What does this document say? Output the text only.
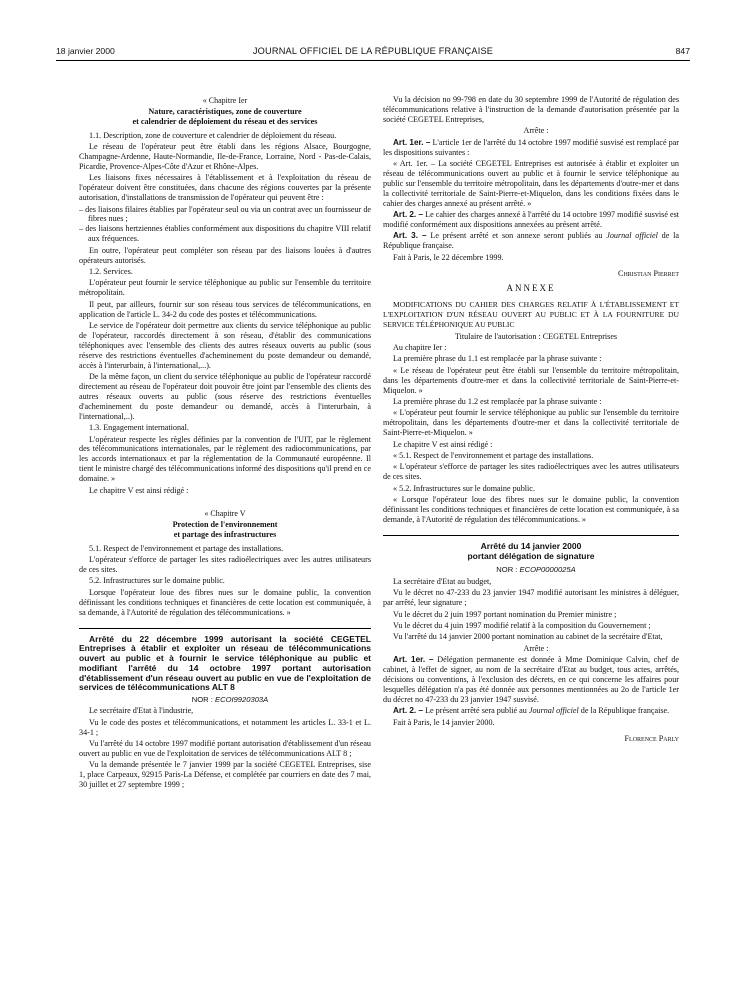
18 janvier 2000	JOURNAL OFFICIEL DE LA RÉPUBLIQUE FRANÇAISE	847
« Chapitre Ier
Nature, caractéristiques, zone de couverture
et calendrier de déploiement du réseau et des services

1.1. Description, zone de couverture et calendrier de déploiement du réseau.

Le réseau de l'opérateur peut être établi dans les régions Alsace, Bourgogne, Champagne-Ardenne, Haute-Normandie, Ile-de-France, Lorraine, Nord - Pas-de-Calais, Picardie, Provence-Alpes-Côte d'Azur et Rhône-Alpes.

Les liaisons fixes nécessaires à l'établissement et à l'exploitation du réseau de l'opérateur doivent être constituées, dans chacune des régions couvertes par la présente autorisation, d'installations de transmission de l'opérateur qui peuvent être :

– des liaisons filaires établies par l'opérateur seul ou via un contrat avec un fournisseur de fibres nues ;
– des liaisons hertziennes établies conformément aux dispositions du chapitre VIII relatif aux fréquences.

En outre, l'opérateur peut compléter son réseau par des liaisons louées à d'autres opérateurs autorisés.

1.2. Services.

L'opérateur peut fournir le service téléphonique au public sur l'ensemble du territoire métropolitain.

Il peut, par ailleurs, fournir sur son réseau tous services de télécommunications, en application de l'article L. 34-2 du code des postes et télécommunications.

Le service de l'opérateur doit permettre aux clients du service téléphonique au public de l'opérateur, raccordés directement à son réseau, d'établir des communications téléphoniques avec l'ensemble des clients des autres réseaux ouverts au public (sous réserve des restrictions éventuelles d'acheminement du poste demandeur ou demandé, accès à l'interurbain, à l'international,...).

De la même façon, un client du service téléphonique au public de l'opérateur raccordé directement au réseau de l'opérateur doit pouvoir être joint par l'ensemble des clients des autres réseaux ouverts au public (sous réserve des restrictions éventuelles d'acheminement du poste demandeur ou demandé, accès à l'interurbain, à l'international,..).

1.3. Engagement international.

L'opérateur respecte les règles définies par la convention de l'UIT, par le règlement des télécommunications internationales, par le règlement des radiocommunications, par les accords internationaux et par la réglementation de la Communauté européenne. Il tient le ministre chargé des télécommunications informé des dispositions qu'il prend en ce domaine. »

Le chapitre V est ainsi rédigé :

« Chapitre V
Protection de l'environnement
et partage des infrastructures

5.1. Respect de l'environnement et partage des installations.

L'opérateur s'efforce de partager les sites radioélectriques avec les autres utilisateurs de ces sites.

5.2. Infrastructures sur le domaine public.

Lorsque l'opérateur loue des fibres nues sur le domaine public, la convention définissant les conditions techniques et financières de cette location est communiquée, à sa demande, à l'Autorité de régulation des télécommunications. »

Arrêté du 22 décembre 1999 autorisant la société CEGETEL Entreprises à établir et exploiter un réseau de télécommunications ouvert au public et à fournir le service téléphonique au public et modifiant l'arrêté du 14 octobre 1997 portant autorisation d'établissement d'un réseau ouvert au public en vue de l'exploitation de services de télécommunications ALT 8

NOR : ECOI9920303A

Le secrétaire d'Etat à l'industrie,

Vu le code des postes et télécommunications, et notamment les articles L. 33-1 et L. 34-1 ;

Vu l'arrêté du 14 octobre 1997 modifié portant autorisation d'établissement d'un réseau ouvert au public en vue de l'exploitation de services de télécommunications ALT 8 ;

Vu la demande présentée le 7 janvier 1999 par la société CEGETEL Entreprises, sise 1, place Carpeaux, 92915 Paris-La Défense, et complétée par courriers en date des 7 mai, 30 juillet et 27 septembre 1999 ;

Vu la décision no 99-798 en date du 30 septembre 1999 de l'Autorité de régulation des télécommunications relative à l'instruction de la demande d'autorisation présentée par la société CEGETEL Entreprises,

Arrête :

Art. 1er. – L'article 1er de l'arrêté du 14 octobre 1997 modifié susvisé est remplacé par les dispositions suivantes :

« Art. 1er. – La société CEGETEL Entreprises est autorisée à établir et exploiter un réseau de télécommunications ouvert au public et à fournir le service téléphonique au public sur l'ensemble du territoire métropolitain, dans les départements d'outre-mer et dans la collectivité territoriale de Saint-Pierre-et-Miquelon, dans les conditions fixées dans le cahier des charges annexé au présent arrêté. »

Art. 2. – Le cahier des charges annexé à l'arrêté du 14 octobre 1997 modifié susvisé est modifié conformément aux dispositions annexées au présent arrêté.

Art. 3. – Le présent arrêté et son annexe seront publiés au Journal officiel de la République française.

Fait à Paris, le 22 décembre 1999.

Christian Pierret
ANNEXE

MODIFICATIONS DU CAHIER DES CHARGES RELATIF À L'ÉTABLISSEMENT ET L'EXPLOITATION D'UN RÉSEAU OUVERT AU PUBLIC ET À LA FOURNITURE DU SERVICE TÉLÉPHONIQUE AU PUBLIC

Titulaire de l'autorisation : CEGETEL Entreprises

Au chapitre Ier :

La première phrase du 1.1 est remplacée par la phrase suivante :

« Le réseau de l'opérateur peut être établi sur l'ensemble du territoire métropolitain, dans les départements d'outre-mer et dans la collectivité territoriale de Saint-Pierre-et-Miquelon. »

La première phrase du 1.2 est remplacée par la phrase suivante :

« L'opérateur peut fournir le service téléphonique au public sur l'ensemble du territoire métropolitain, dans les départements d'outre-mer et dans la collectivité territoriale de Saint-Pierre-et-Miquelon. »

Le chapitre V est ainsi rédigé :

« 5.1. Respect de l'environnement et partage des installations.

« L'opérateur s'efforce de partager les sites radioélectriques avec les autres utilisateurs de ces sites.

« 5.2. Infrastructures sur le domaine public.

« Lorsque l'opérateur loue des fibres nues sur le domaine public, la convention définissant les conditions techniques et financières de cette location est communiquée, à sa demande, à l'Autorité de régulation des télécommunications. »

Arrêté du 14 janvier 2000
portant délégation de signature

NOR : ECOP0000025A

La secrétaire d'Etat au budget,

Vu le décret no 47-233 du 23 janvier 1947 modifié autorisant les ministres à déléguer, par arrêté, leur signature ;

Vu le décret du 2 juin 1997 portant nomination du Premier ministre ;

Vu le décret du 4 juin 1997 modifié relatif à la composition du Gouvernement ;

Vu l'arrêté du 14 janvier 2000 portant nomination au cabinet de la secrétaire d'Etat,

Arrête :

Art. 1er. – Délégation permanente est donnée à Mme Dominique Calvin, chef de cabinet, à l'effet de signer, au nom de la secrétaire d'Etat au budget, tous actes, arrêtés, décisions ou conventions, à l'exclusion des décrets, en ce qui concerne les affaires pour lesquelles délégation n'a pas été donnée aux personnes mentionnées au 2o de l'article 1er du décret no 47-233 du 23 janvier 1947 susvisé.

Art. 2. – Le présent arrêté sera publié au Journal officiel de la République française.

Fait à Paris, le 14 janvier 2000.

Florence Parly
